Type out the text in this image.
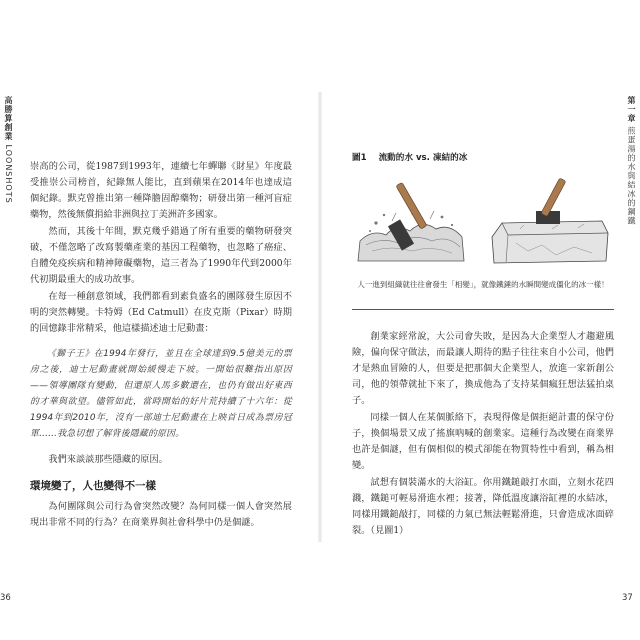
高勝算創業 LOONSHOTS
第一章 煎蛋湯的水與結冰的鋼鐵

崇高的公司，從1987到1993年，連續七年蟬聯《財星》年度最受推崇公司榜首，紀錄無人能比，直到蘋果在2014年也達成這個紀錄。默克曾推出第一種降膽固醇藥物；研發出第一種河盲症藥物，然後無償捐給非洲與拉丁美洲許多國家。

然而，其後十年間，默克幾乎錯過了所有重要的藥物研發突破，不僅忽略了改寫製藥產業的基因工程藥物，也忽略了癌症、自體免疫疾病和精神障礙藥物，這三者為了1990年代到2000年代初期最重大的成功故事。

在每一種創意領域，我們都看到素負盛名的團隊發生原因不明的突然轉變。卡特姆（Ed Catmull）在皮克斯（Pixar）時期的回憶錄非常精采，他這樣描述迪士尼動畫：

《獅子王》在1994年發行，並且在全球達到9.5億美元的票房之後，迪士尼動畫就開始緩慢走下坡。一開始很難指出原因——領導團隊有變動，但還原人馬多數還在，也仍有做出好東西的才華與欲望。儘管如此，當時開始的好片荒持續了十六年：從1994年到2010年，沒有一部迪士尼動畫在上映首日成為票房冠軍……我急切想了解背後隱藏的原因。

我們來談談那些隱藏的原因。

環境變了，人也變得不一樣

為何團隊與公司行為會突然改變？為何同樣一個人會突然展現出非常不同的行為？在商業界與社會科學中仍是個謎。

36
圖1 流動的水 vs. 凍結的冰
人一進到組織就往往會發生「相變」，就像鐵錘的水瞬間變成僵化的冰一樣！

創業家經常說，大公司會失敗，是因為大企業型人才趨避風險，偏向保守做法，而最讓人期待的點子往往來自小公司，他們才是熱血冒險的人，但要是把那個大企業型人，放進一家新創公司，他的領帶就扯下來了，換成他為了支持某個瘋狂想法猛拍桌子。

同樣一個人在某個脈絡下，表現得像是個拒絕計畫的保守份子，換個場景又成了搖旗吶喊的創業家。這種行為改變在商業界也許是個謎，但有個相似的模式卻能在物質特性中看到，稱為相變。

試想有個裝滿水的大浴缸。你用鐵鎚敲打水面，立刻水花四濺，鐵鎚可輕易滑進水裡；接著，降低溫度讓浴缸裡的水結冰，同樣用鐵鎚敲打，同樣的力氣已無法輕鬆滑進，只會造成冰面碎裂。（見圖1）

37
